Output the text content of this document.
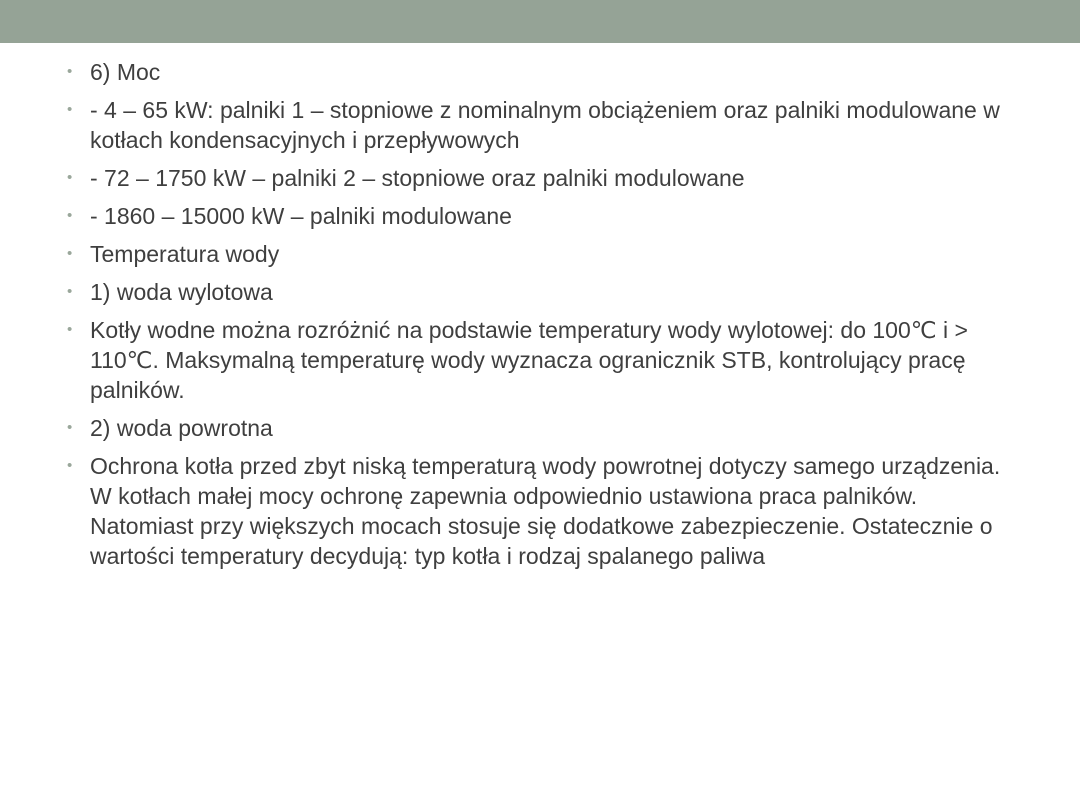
• 6) Moc
• - 4 – 65 kW: palniki 1 – stopniowe z nominalnym obciążeniem oraz palniki modulowane w kotłach kondensacyjnych i przepływowych
• - 72 – 1750 kW – palniki 2 – stopniowe oraz palniki modulowane
• - 1860 – 15000 kW – palniki modulowane
• Temperatura wody
• 1) woda wylotowa
• Kotły wodne można rozróżnić na podstawie temperatury wody wylotowej: do 100℃ i > 110℃. Maksymalną temperaturę wody wyznacza ogranicznik STB, kontrolujący pracę palników.
• 2) woda powrotna
• Ochrona kotła przed zbyt niską temperaturą wody powrotnej dotyczy samego urządzenia. W kotłach małej mocy ochronę zapewnia odpowiednio ustawiona praca palników. Natomiast przy większych mocach stosuje się dodatkowe zabezpieczenie. Ostatecznie o wartości temperatury decydują: typ kotła i rodzaj spalanego paliwa
